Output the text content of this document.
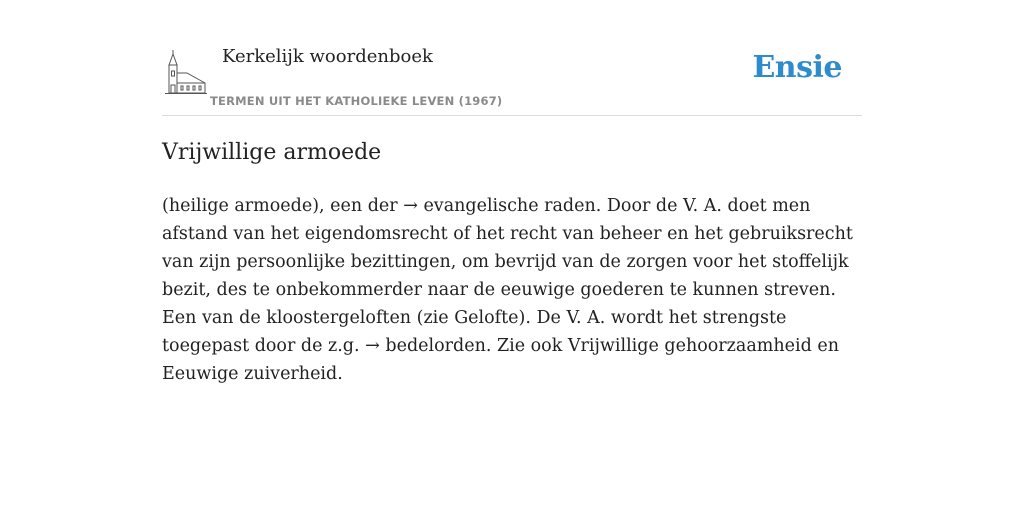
Kerkelijk woordenboek
TERMEN UIT HET KATHOLIEKE LEVEN (1967)
Ensie
Vrijwillige armoede

(heilige armoede), een der → evangelische raden. Door de V. A. doet men afstand van het eigendomsrecht of het recht van beheer en het gebruiksrecht van zijn persoonlijke bezittingen, om bevrijd van de zorgen voor het stoffelijk bezit, des te onbekommerder naar de eeuwige goederen te kunnen streven. Een van de kloostergeloften (zie Gelofte). De V. A. wordt het strengste toegepast door de z.g. → bedelorden. Zie ook Vrijwillige gehoorzaamheid en Eeuwige zuiverheid.
